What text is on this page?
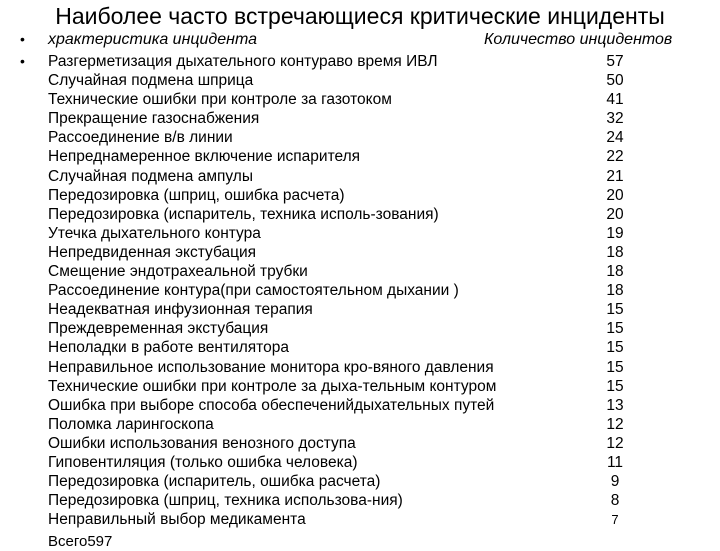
Наиболее часто встречающиеся критические инциденты
• храктеристика инцидента	Количество инцидентов
• Разгерметизация дыхательного контураво время ИВЛ	57
Случайная подмена шприца	50
Технические ошибки при контроле за газотоком	41
Прекращение газоснабжения	32
Рассоединение в/в линии	24
Непреднамеренное включение испарителя	22
Случайная подмена ампулы	21
Передозировка (шприц, ошибка расчета)	20
Передозировка (испаритель, техника исполь-зования)	20
Утечка дыхательного контура	19
Непредвиденная экстубация	18
Смещение эндотрахеальной трубки	18
Рассоединение контура(при самостоятельном дыхании )	18
Неадекватная инфузионная терапия	15
Преждевременная экстубация	15
Неполадки в работе вентилятора	15
Неправильное использование монитора кро-вяного давления	15
Технические ошибки при контроле за дыха-тельным контуром	15
Ошибка при выборе способа обеспеченийдыхательных путей	13
Поломка ларингоскопа	12
Ошибки использования венозного доступа	12
Гиповентиляция (только ошибка человека)	11
Передозировка (испаритель, ошибка расчета)	9
Передозировка (шприц, техника использова-ния)	8
Неправильный выбор медикамента	7
Всего597
